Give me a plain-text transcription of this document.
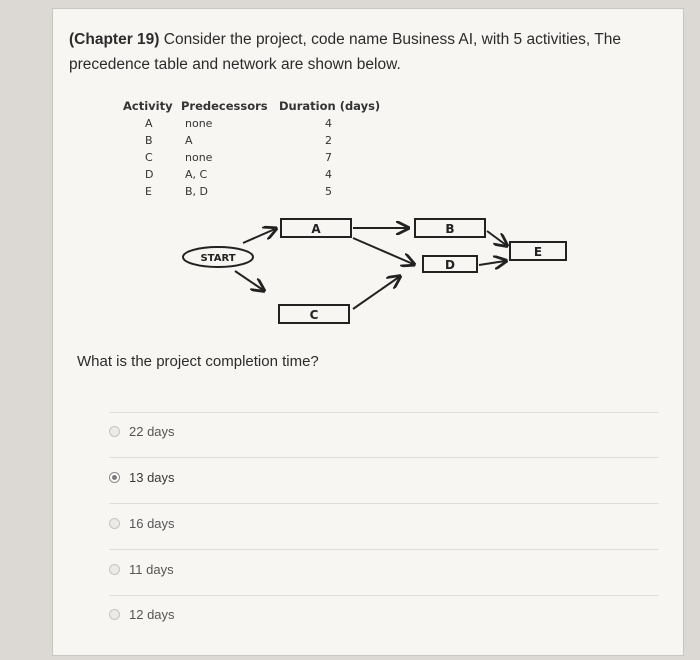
(Chapter 19) Consider the project, code name Business AI, with 5 activities, The precedence table and network are shown below.
Activity Predecessors Duration (days)
A	none	4
B	A	2
C	none	7
D	A, C	4
E	B, D	5
START
A
C
B
D
E
What is the project completion time?
22 days
13 days
16 days
11 days
12 days
